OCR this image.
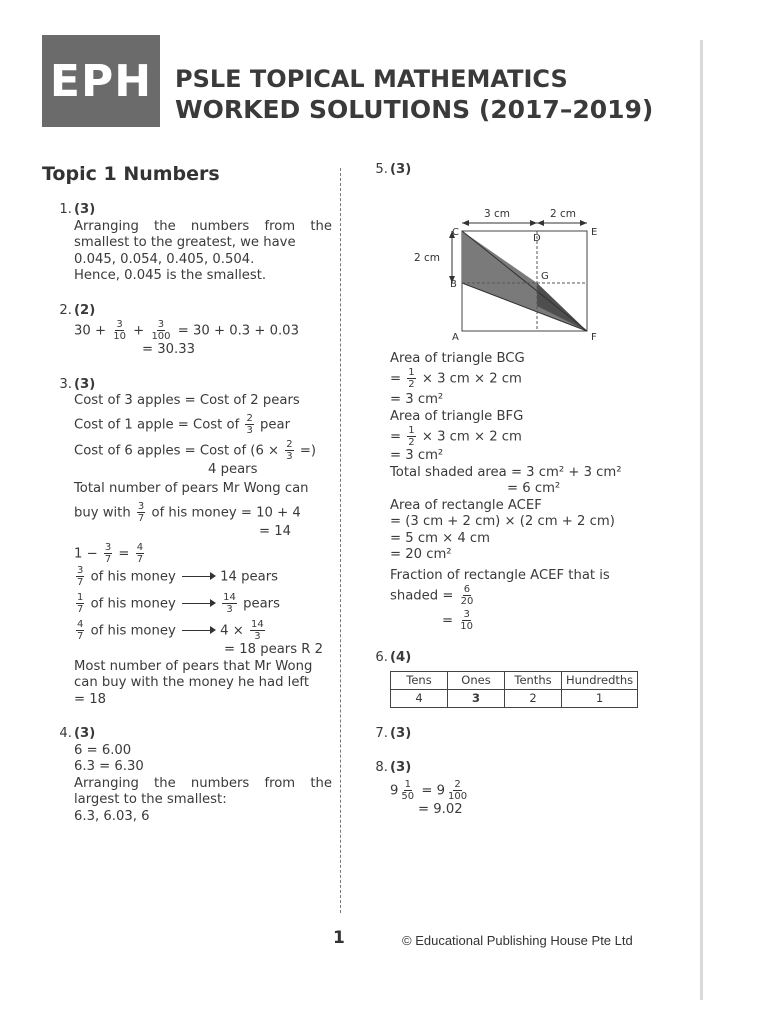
EPH PSLE TOPICAL MATHEMATICS
WORKED SOLUTIONS (2017–2019)
Topic 1 Numbers
1. (3)
Arranging the numbers from the smallest to the greatest, we have
0.045, 0.054, 0.405, 0.504.
Hence, 0.045 is the smallest.
2. (2)
$30 + \frac{3}{10} + \frac{3}{100} = 30 + 0.3 + 0.03$
= 30.33
3. (3)
Cost of 3 apples = Cost of 2 pears
Cost of 1 apple = Cost of $\frac{2}{3}$ pear
Cost of 6 apples = Cost of ($6 \times \frac{2}{3}$ =)
4 pears
Total number of pears Mr Wong can
buy with $\frac{3}{7}$ of his money = 10 + 4
= 14
$1 - \frac{3}{7} = \frac{4}{7}$
$\frac{3}{7}$ of his money	14 pears
$\frac{1}{7}$ of his money	$\frac{14}{3}$ pears
$\frac{4}{7}$ of his money	$4 \times \frac{14}{3}$
= 18 pears R 2
Most number of pears that Mr Wong
can buy with the money he had left
= 18
4. (3)
6 = 6.00
6.3 = 6.30
Arranging the numbers from the largest to the smallest:
6.3, 6.03, 6
5. (3)
3 cm	2 cm
2 cm
C
D
E
B
G
A	F
Area of triangle BCG
= $\frac{1}{2} \times 3$ cm × 2 cm
= 3 cm²
Area of triangle BFG
= $\frac{1}{2} \times 3$ cm × 2 cm
= 3 cm²
Total shaded area = 3 cm² + 3 cm²
= 6 cm²
Area of rectangle ACEF
= (3 cm + 2 cm) × (2 cm + 2 cm)
= 5 cm × 4 cm
= 20 cm²
Fraction of rectangle ACEF that is
shaded = $\frac{6}{20}$
= $\frac{3}{10}$
6. (4)
Tens	Ones	Tenths	Hundredths
4	3	2	1
7. (3)
8. (3)
$9 \frac{1}{50} = 9 \frac{2}{100}$
= 9.02
1	© Educational Publishing House Pte Ltd
